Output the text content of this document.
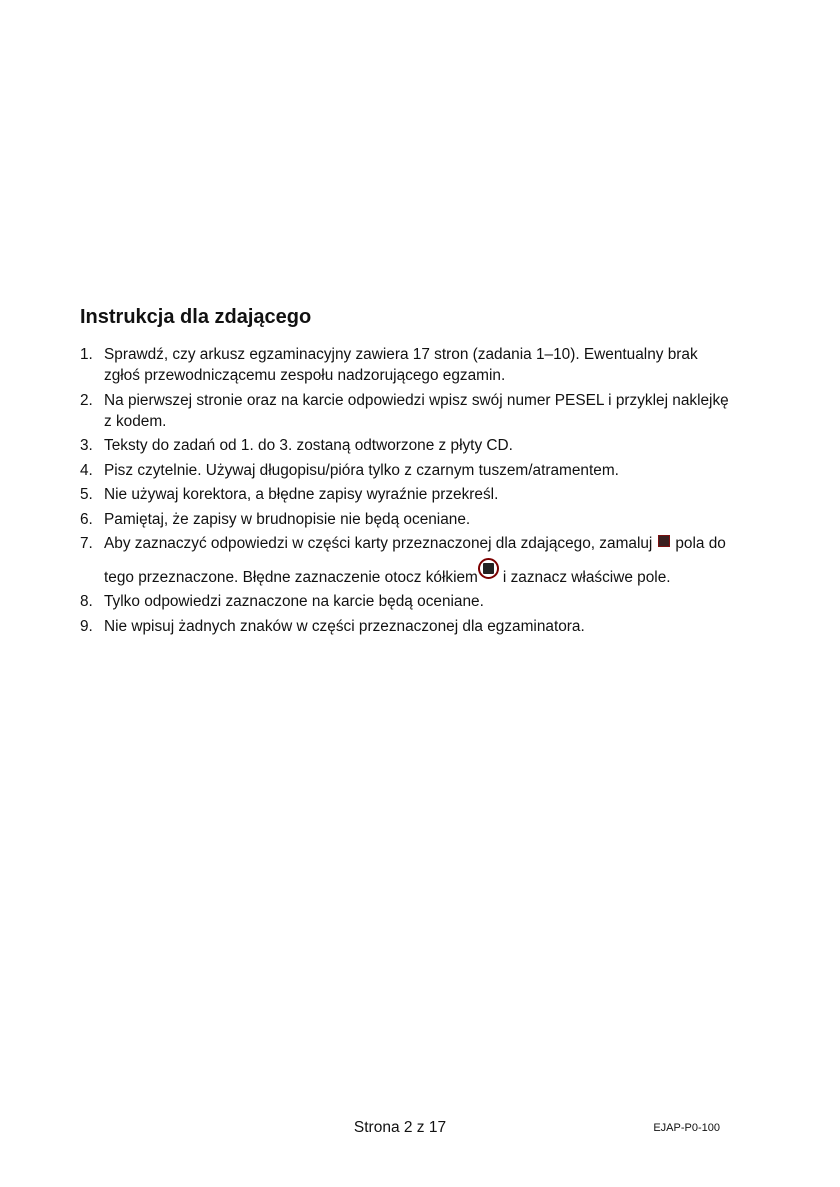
Instrukcja dla zdającego
1. Sprawdź, czy arkusz egzaminacyjny zawiera 17 stron (zadania 1–10). Ewentualny brak zgłoś przewodniczącemu zespołu nadzorującego egzamin.
2. Na pierwszej stronie oraz na karcie odpowiedzi wpisz swój numer PESEL i przyklej naklejkę z kodem.
3. Teksty do zadań od 1. do 3. zostaną odtworzone z płyty CD.
4. Pisz czytelnie. Używaj długopisu/pióra tylko z czarnym tuszem/atramentem.
5. Nie używaj korektora, a błędne zapisy wyraźnie przekreśl.
6. Pamiętaj, że zapisy w brudnopisie nie będą oceniane.
7. Aby zaznaczyć odpowiedzi w części karty przeznaczonej dla zdającego, zamaluj pola do tego przeznaczone. Błędne zaznaczenie otocz kółkiem i zaznacz właściwe pole.
8. Tylko odpowiedzi zaznaczone na karcie będą oceniane.
9. Nie wpisuj żadnych znaków w części przeznaczonej dla egzaminatora.
Strona 2 z 17	EJAP-P0-100
